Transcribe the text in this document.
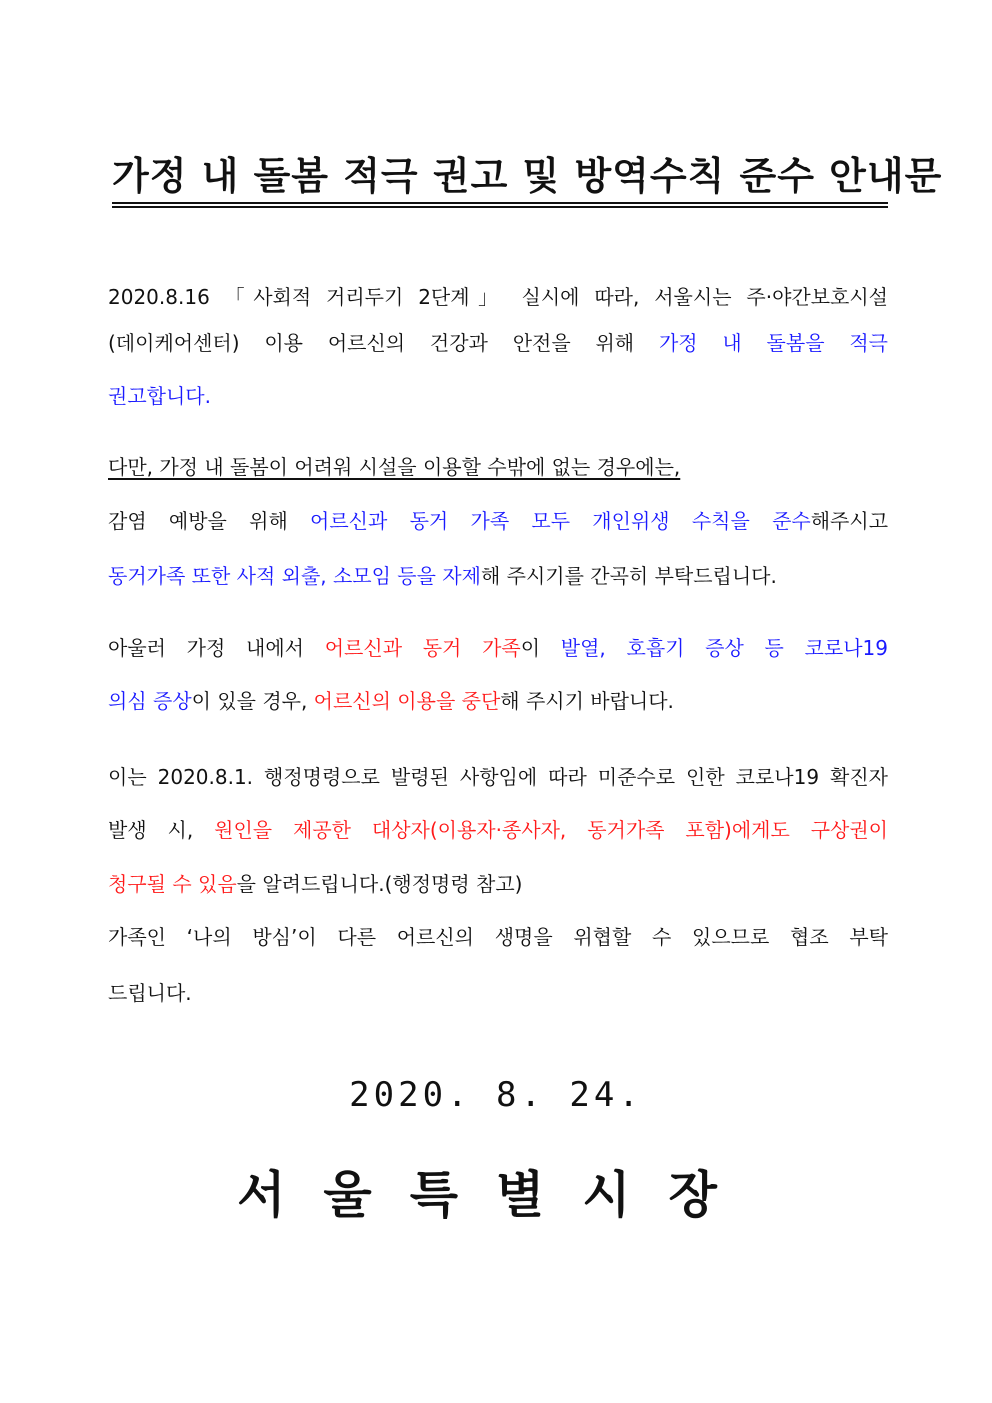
가정 내 돌봄 적극 권고 및 방역수칙 준수 안내문
2020.8.16 「사회적 거리두기 2단계」 실시에 따라, 서울시는 주·야간보호시설
(데이케어센터) 이용 어르신의 건강과 안전을 위해 가정 내 돌봄을 적극
권고합니다.
다만, 가정 내 돌봄이 어려워 시설을 이용할 수밖에 없는 경우에는,
감염 예방을 위해 어르신과 동거 가족 모두 개인위생 수칙을 준수해주시고
동거가족 또한 사적 외출, 소모임 등을 자제해 주시기를 간곡히 부탁드립니다.
아울러 가정 내에서 어르신과 동거 가족이 발열, 호흡기 증상 등 코로나19
의심 증상이 있을 경우, 어르신의 이용을 중단해 주시기 바랍니다.
이는 2020.8.1. 행정명령으로 발령된 사항임에 따라 미준수로 인한 코로나19 확진자
발생 시, 원인을 제공한 대상자(이용자·종사자, 동거가족 포함)에게도 구상권이
청구될 수 있음을 알려드립니다.(행정명령 참고)
가족인 ‘나의 방심’이 다른 어르신의 생명을 위협할 수 있으므로 협조 부탁
드립니다.
2020. 8. 24.
서울특별시장
